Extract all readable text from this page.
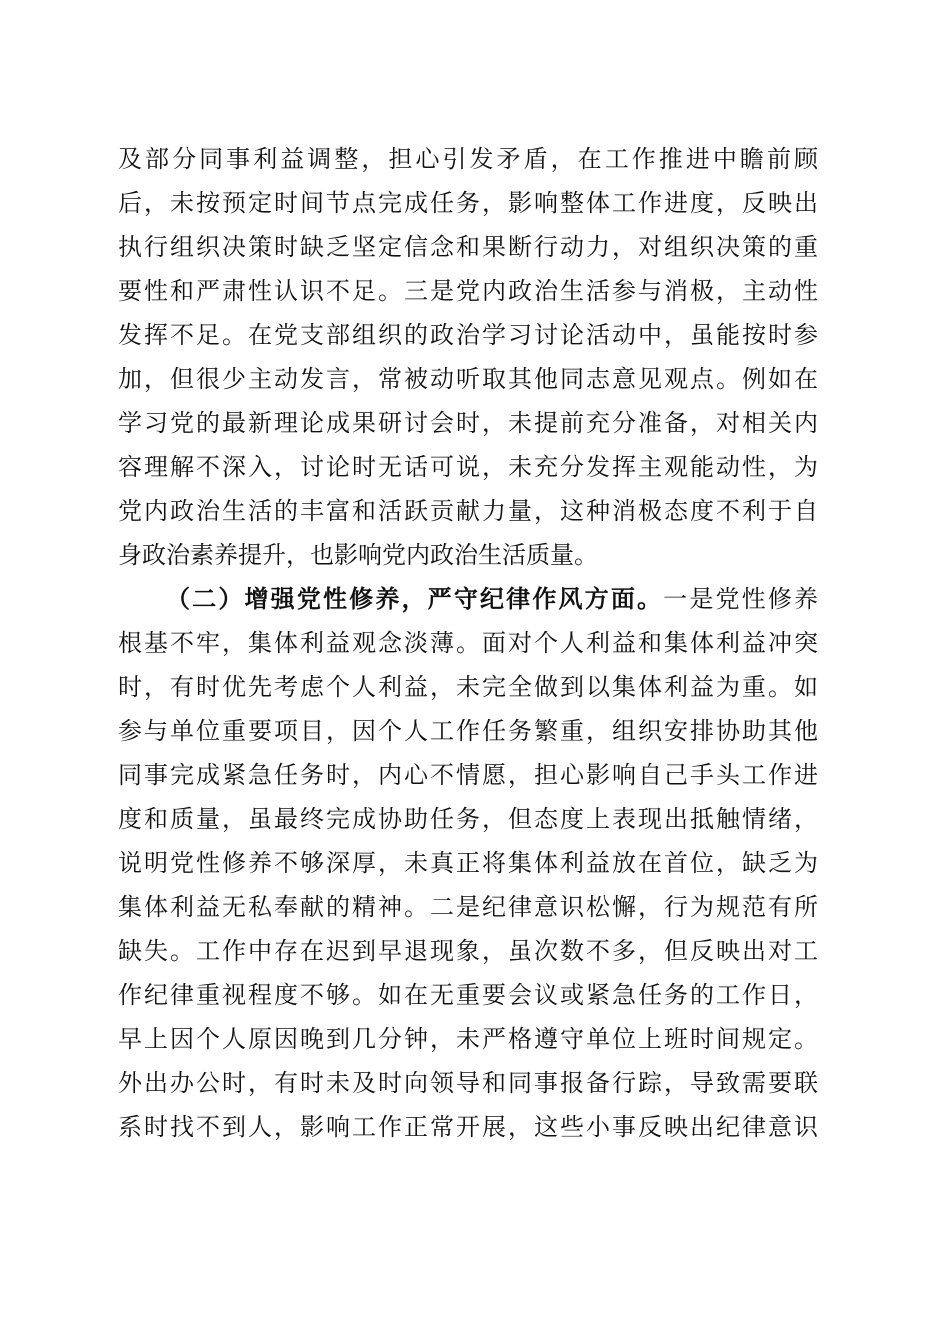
及部分同事利益调整，担心引发矛盾，在工作推进中瞻前顾
后，未按预定时间节点完成任务，影响整体工作进度，反映出
执行组织决策时缺乏坚定信念和果断行动力，对组织决策的重
要性和严肃性认识不足。三是党内政治生活参与消极，主动性
发挥不足。在党支部组织的政治学习讨论活动中，虽能按时参
加，但很少主动发言，常被动听取其他同志意见观点。例如在
学习党的最新理论成果研讨会时，未提前充分准备，对相关内
容理解不深入，讨论时无话可说，未充分发挥主观能动性，为
党内政治生活的丰富和活跃贡献力量，这种消极态度不利于自
身政治素养提升，也影响党内政治生活质量。
（二）增强党性修养，严守纪律作风方面。一是党性修养
根基不牢，集体利益观念淡薄。面对个人利益和集体利益冲突
时，有时优先考虑个人利益，未完全做到以集体利益为重。如
参与单位重要项目，因个人工作任务繁重，组织安排协助其他
同事完成紧急任务时，内心不情愿，担心影响自己手头工作进
度和质量，虽最终完成协助任务，但态度上表现出抵触情绪，
说明党性修养不够深厚，未真正将集体利益放在首位，缺乏为
集体利益无私奉献的精神。二是纪律意识松懈，行为规范有所
缺失。工作中存在迟到早退现象，虽次数不多，但反映出对工
作纪律重视程度不够。如在无重要会议或紧急任务的工作日，
早上因个人原因晚到几分钟，未严格遵守单位上班时间规定。
外出办公时，有时未及时向领导和同事报备行踪，导致需要联
系时找不到人，影响工作正常开展，这些小事反映出纪律意识
